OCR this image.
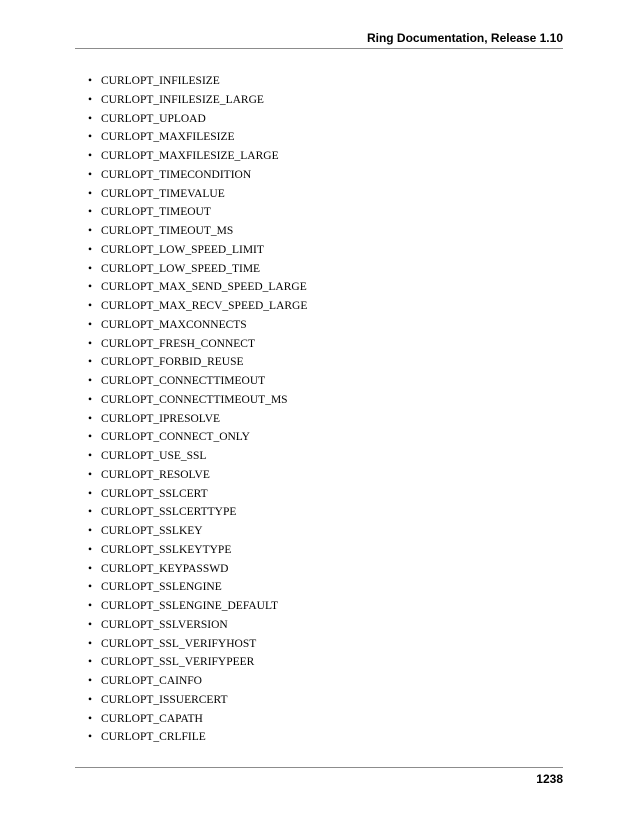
Ring Documentation, Release 1.10
• CURLOPT_INFILESIZE
• CURLOPT_INFILESIZE_LARGE
• CURLOPT_UPLOAD
• CURLOPT_MAXFILESIZE
• CURLOPT_MAXFILESIZE_LARGE
• CURLOPT_TIMECONDITION
• CURLOPT_TIMEVALUE
• CURLOPT_TIMEOUT
• CURLOPT_TIMEOUT_MS
• CURLOPT_LOW_SPEED_LIMIT
• CURLOPT_LOW_SPEED_TIME
• CURLOPT_MAX_SEND_SPEED_LARGE
• CURLOPT_MAX_RECV_SPEED_LARGE
• CURLOPT_MAXCONNECTS
• CURLOPT_FRESH_CONNECT
• CURLOPT_FORBID_REUSE
• CURLOPT_CONNECTTIMEOUT
• CURLOPT_CONNECTTIMEOUT_MS
• CURLOPT_IPRESOLVE
• CURLOPT_CONNECT_ONLY
• CURLOPT_USE_SSL
• CURLOPT_RESOLVE
• CURLOPT_SSLCERT
• CURLOPT_SSLCERTTYPE
• CURLOPT_SSLKEY
• CURLOPT_SSLKEYTYPE
• CURLOPT_KEYPASSWD
• CURLOPT_SSLENGINE
• CURLOPT_SSLENGINE_DEFAULT
• CURLOPT_SSLVERSION
• CURLOPT_SSL_VERIFYHOST
• CURLOPT_SSL_VERIFYPEER
• CURLOPT_CAINFO
• CURLOPT_ISSUERCERT
• CURLOPT_CAPATH
• CURLOPT_CRLFILE
1238
